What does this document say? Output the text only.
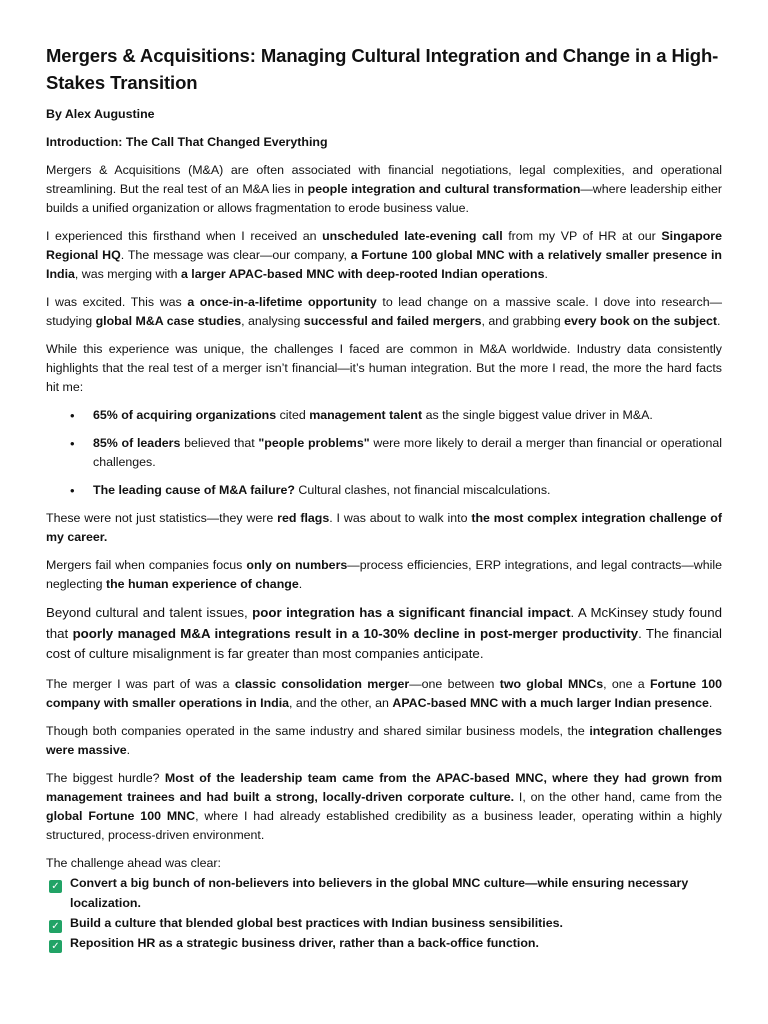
Mergers & Acquisitions: Managing Cultural Integration and Change in a High-Stakes Transition

By Alex Augustine

Introduction: The Call That Changed Everything

Mergers & Acquisitions (M&A) are often associated with financial negotiations, legal complexities, and operational streamlining. But the real test of an M&A lies in people integration and cultural transformation—where leadership either builds a unified organization or allows fragmentation to erode business value.

I experienced this firsthand when I received an unscheduled late-evening call from my VP of HR at our Singapore Regional HQ. The message was clear—our company, a Fortune 100 global MNC with a relatively smaller presence in India, was merging with a larger APAC-based MNC with deep-rooted Indian operations.

I was excited. This was a once-in-a-lifetime opportunity to lead change on a massive scale. I dove into research—studying global M&A case studies, analysing successful and failed mergers, and grabbing every book on the subject.

While this experience was unique, the challenges I faced are common in M&A worldwide. Industry data consistently highlights that the real test of a merger isn’t financial—it’s human integration. But the more I read, the more the hard facts hit me:

• 65% of acquiring organizations cited management talent as the single biggest value driver in M&A.
• 85% of leaders believed that "people problems" were more likely to derail a merger than financial or operational challenges.
• The leading cause of M&A failure? Cultural clashes, not financial miscalculations.

These were not just statistics—they were red flags. I was about to walk into the most complex integration challenge of my career.

Mergers fail when companies focus only on numbers—process efficiencies, ERP integrations, and legal contracts—while neglecting the human experience of change.

Beyond cultural and talent issues, poor integration has a significant financial impact. A McKinsey study found that poorly managed M&A integrations result in a 10-30% decline in post-merger productivity. The financial cost of culture misalignment is far greater than most companies anticipate.

The merger I was part of was a classic consolidation merger—one between two global MNCs, one a Fortune 100 company with smaller operations in India, and the other, an APAC-based MNC with a much larger Indian presence.

Though both companies operated in the same industry and shared similar business models, the integration challenges were massive.

The biggest hurdle? Most of the leadership team came from the APAC-based MNC, where they had grown from management trainees and had built a strong, locally-driven corporate culture. I, on the other hand, came from the global Fortune 100 MNC, where I had already established credibility as a business leader, operating within a highly structured, process-driven environment.

The challenge ahead was clear:

✓ Convert a big bunch of non-believers into believers in the global MNC culture—while ensuring necessary

localization.

✓ Build a culture that blended global best practices with Indian business sensibilities.

✓ Reposition HR as a strategic business driver, rather than a back-office function.
